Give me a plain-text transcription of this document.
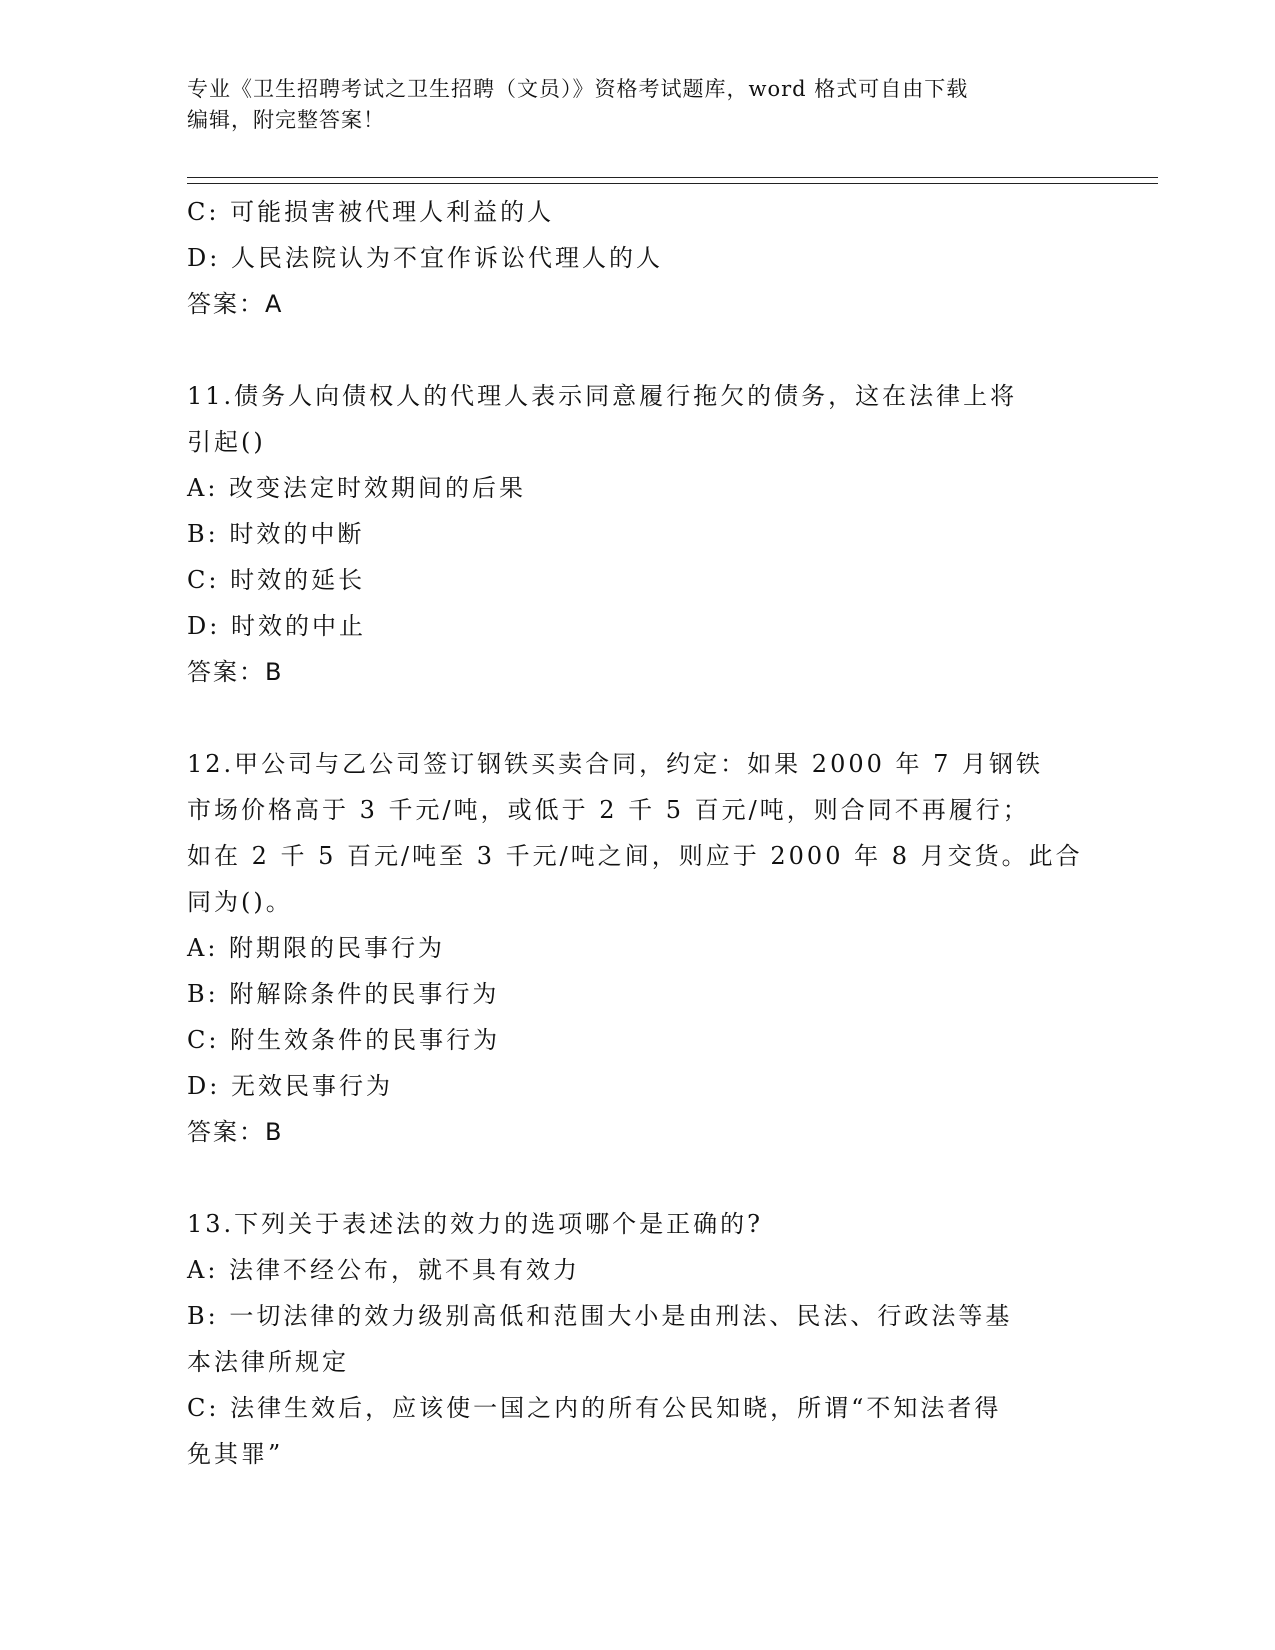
专业《卫生招聘考试之卫生招聘（文员）》资格考试题库，word 格式可自由下载
编辑，附完整答案！
C: 可能损害被代理人利益的人
D: 人民法院认为不宜作诉讼代理人的人
答案：A
11.债务人向债权人的代理人表示同意履行拖欠的债务，这在法律上将
引起()
A: 改变法定时效期间的后果
B: 时效的中断
C: 时效的延长
D: 时效的中止
答案：B
12.甲公司与乙公司签订钢铁买卖合同，约定：如果 2000 年 7 月钢铁
市场价格高于 3 千元/吨，或低于 2 千 5 百元/吨，则合同不再履行；
如在 2 千 5 百元/吨至 3 千元/吨之间，则应于 2000 年 8 月交货。此合
同为()。
A: 附期限的民事行为
B: 附解除条件的民事行为
C: 附生效条件的民事行为
D: 无效民事行为
答案：B
13.下列关于表述法的效力的选项哪个是正确的?
A: 法律不经公布，就不具有效力
B: 一切法律的效力级别高低和范围大小是由刑法、民法、行政法等基
本法律所规定
C: 法律生效后，应该使一国之内的所有公民知晓，所谓“不知法者得
免其罪”
